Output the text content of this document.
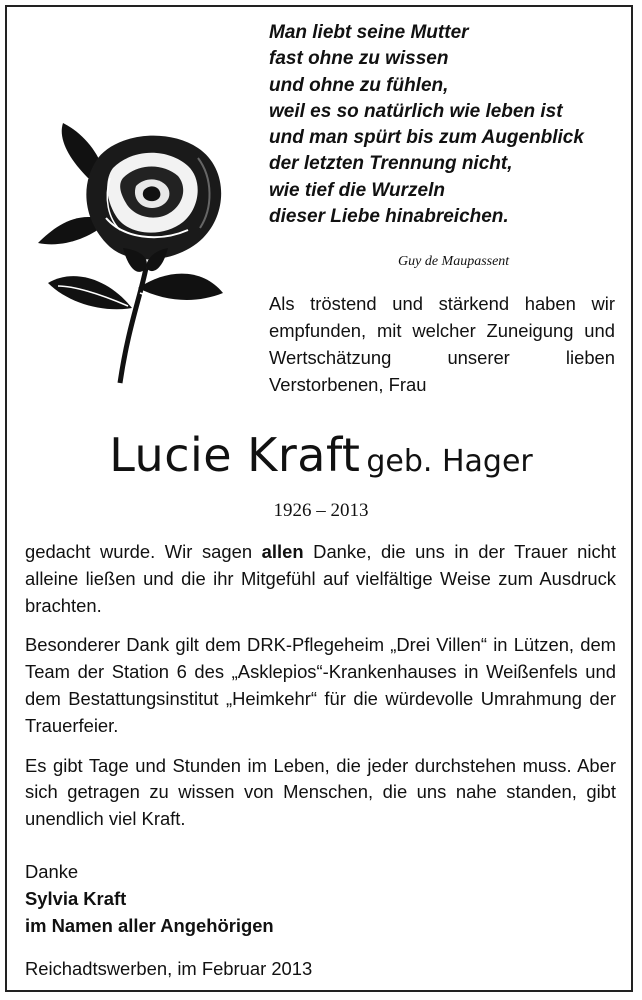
Man liebt seine Mutter
fast ohne zu wissen
und ohne zu fühlen,
weil es so natürlich wie leben ist
und man spürt bis zum Augenblick
der letzten Trennung nicht,
wie tief die Wurzeln
dieser Liebe hinabreichen.
Guy de Maupassent

Als tröstend und stärkend haben wir empfunden, mit welcher Zuneigung und Wertschätzung unserer lieben Verstorbenen, Frau

Lucie Kraft geb. Hager
1926 – 2013

gedacht wurde. Wir sagen allen Danke, die uns in der Trauer nicht alleine ließen und die ihr Mitgefühl auf vielfältige Weise zum Ausdruck brachten.

Besonderer Dank gilt dem DRK-Pflegeheim „Drei Villen“ in Lützen, dem Team der Station 6 des „Asklepios“-Krankenhauses in Weißenfels und dem Bestattungsinstitut „Heimkehr“ für die würdevolle Umrahmung der Trauerfeier.

Es gibt Tage und Stunden im Leben, die jeder durchstehen muss. Aber sich getragen zu wissen von Menschen, die uns nahe standen, gibt unendlich viel Kraft.

Danke
Sylvia Kraft
im Namen aller Angehörigen
Reichadtswerben, im Februar 2013
